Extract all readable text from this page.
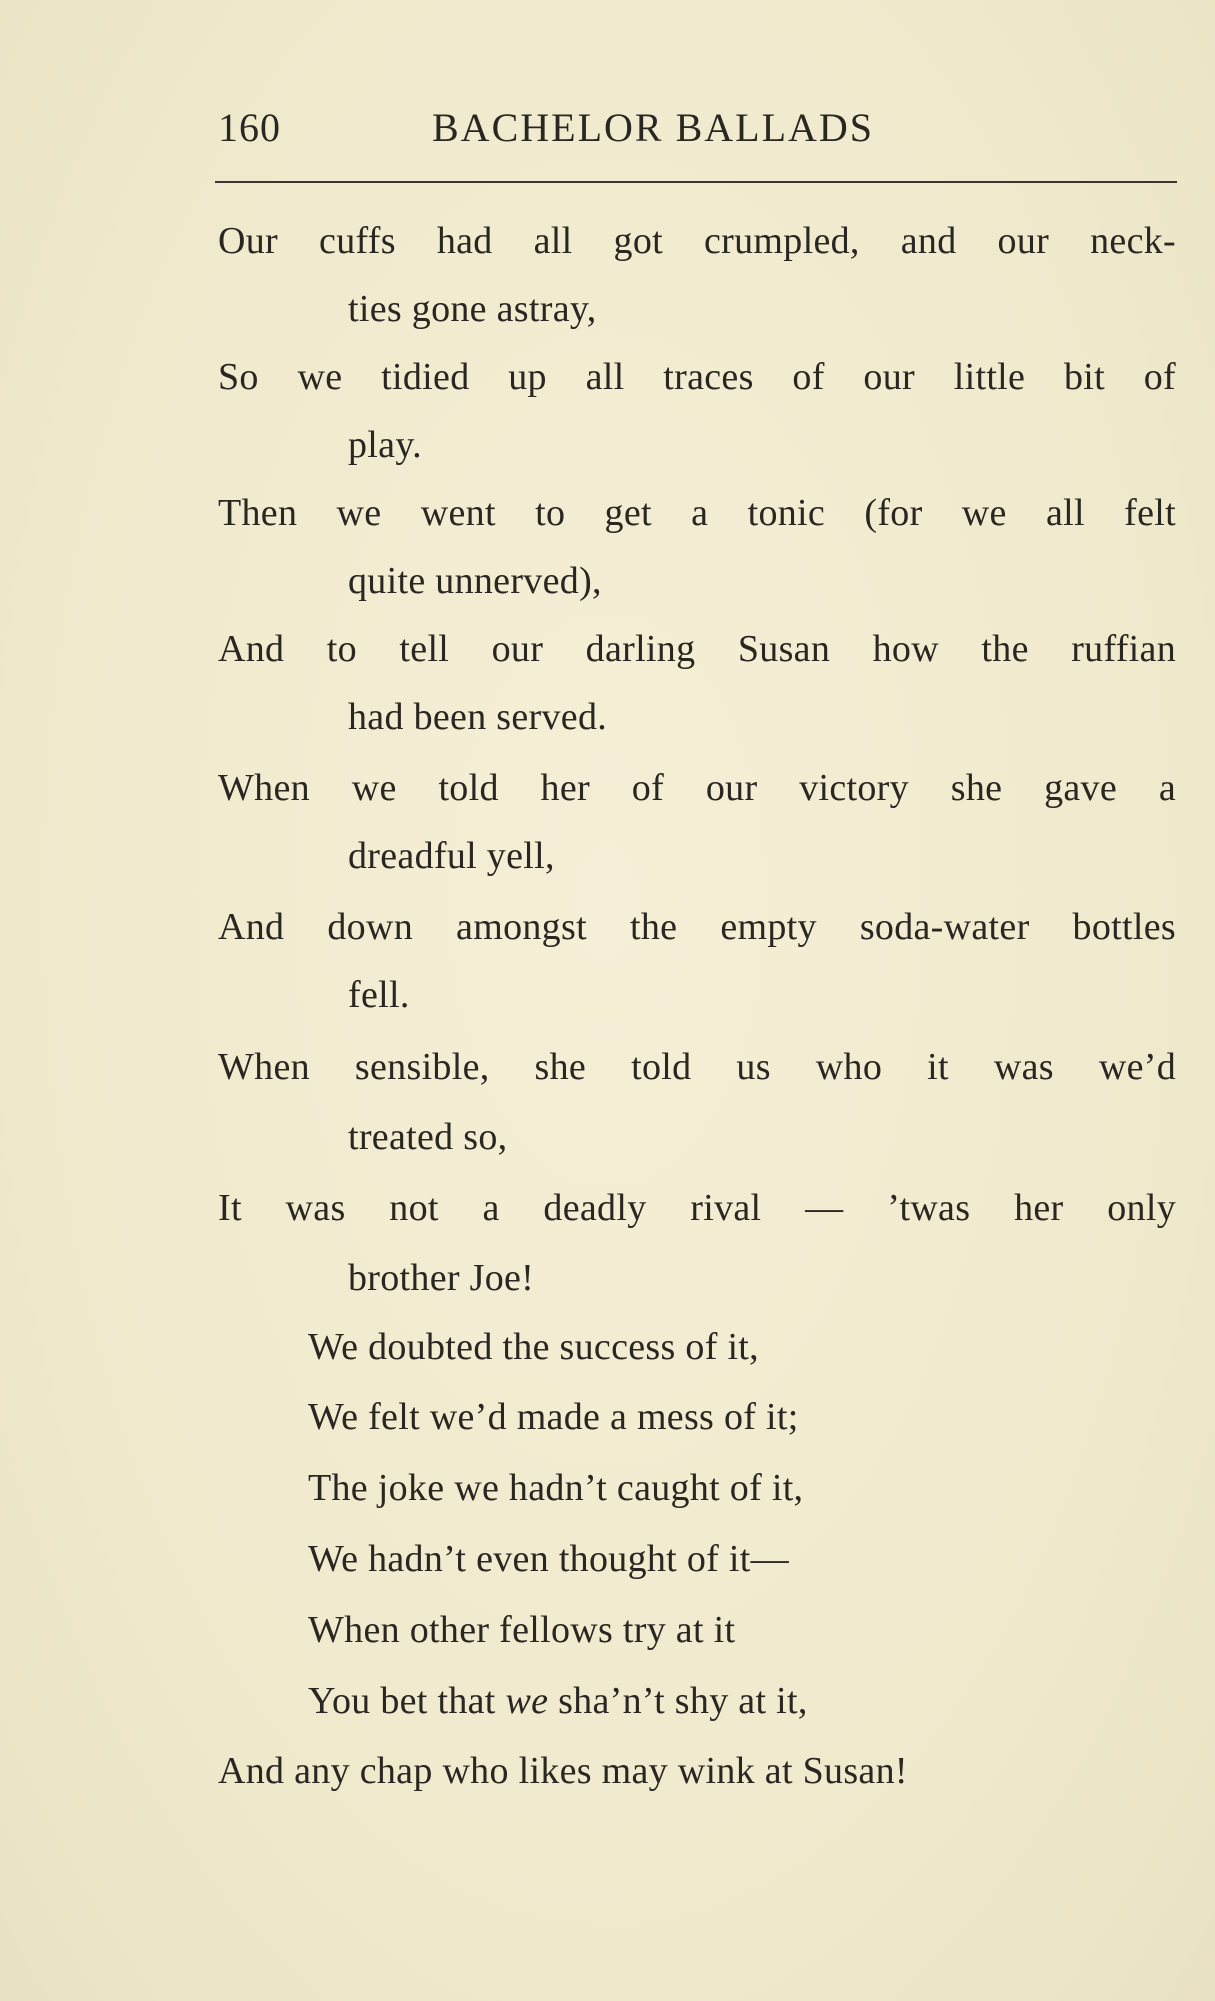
160	BACHELOR BALLADS
Our cuffs had all got crumpled, and our neck-
ties gone astray,
So we tidied up all traces of our little bit of
play.
Then we went to get a tonic (for we all felt
quite unnerved),
And to tell our darling Susan how the ruffian
had been served.
When we told her of our victory she gave a
dreadful yell,
And down amongst the empty soda-water bottles
fell.
When sensible, she told us who it was we’d
treated so,
It was not a deadly rival — ’twas her only
brother Joe!
We doubted the success of it,
We felt we’d made a mess of it;
The joke we hadn’t caught of it,
We hadn’t even thought of it—
When other fellows try at it
You bet that we sha’n’t shy at it,
And any chap who likes may wink at Susan!
